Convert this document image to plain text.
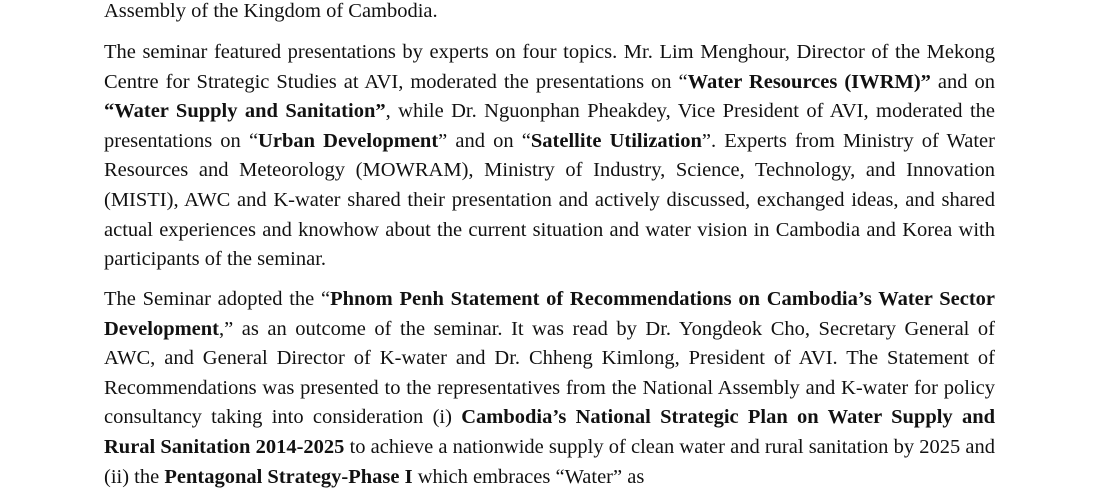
Assembly of the Kingdom of Cambodia.

The seminar featured presentations by experts on four topics. Mr. Lim Menghour, Director of the Mekong Centre for Strategic Studies at AVI, moderated the presentations on “Water Resources (IWRM)” and on “Water Supply and Sanitation”, while Dr. Nguonphan Pheakdey, Vice President of AVI, moderated the presentations on “Urban Development” and on “Satellite Utilization”. Experts from Ministry of Water Resources and Meteorology (MOWRAM), Ministry of Industry, Science, Technology, and Innovation (MISTI), AWC and K-water shared their presentation and actively discussed, exchanged ideas, and shared actual experiences and knowhow about the current situation and water vision in Cambodia and Korea with participants of the seminar.

The Seminar adopted the “Phnom Penh Statement of Recommendations on Cambodia’s Water Sector Development,” as an outcome of the seminar. It was read by Dr. Yongdeok Cho, Secretary General of AWC, and General Director of K-water and Dr. Chheng Kimlong, President of AVI. The Statement of Recommendations was presented to the representatives from the National Assembly and K-water for policy consultancy taking into consideration (i) Cambodia’s National Strategic Plan on Water Supply and Rural Sanitation 2014-2025 to achieve a nationwide supply of clean water and rural sanitation by 2025 and (ii) the Pentagonal Strategy-Phase I which embraces “Water” as
